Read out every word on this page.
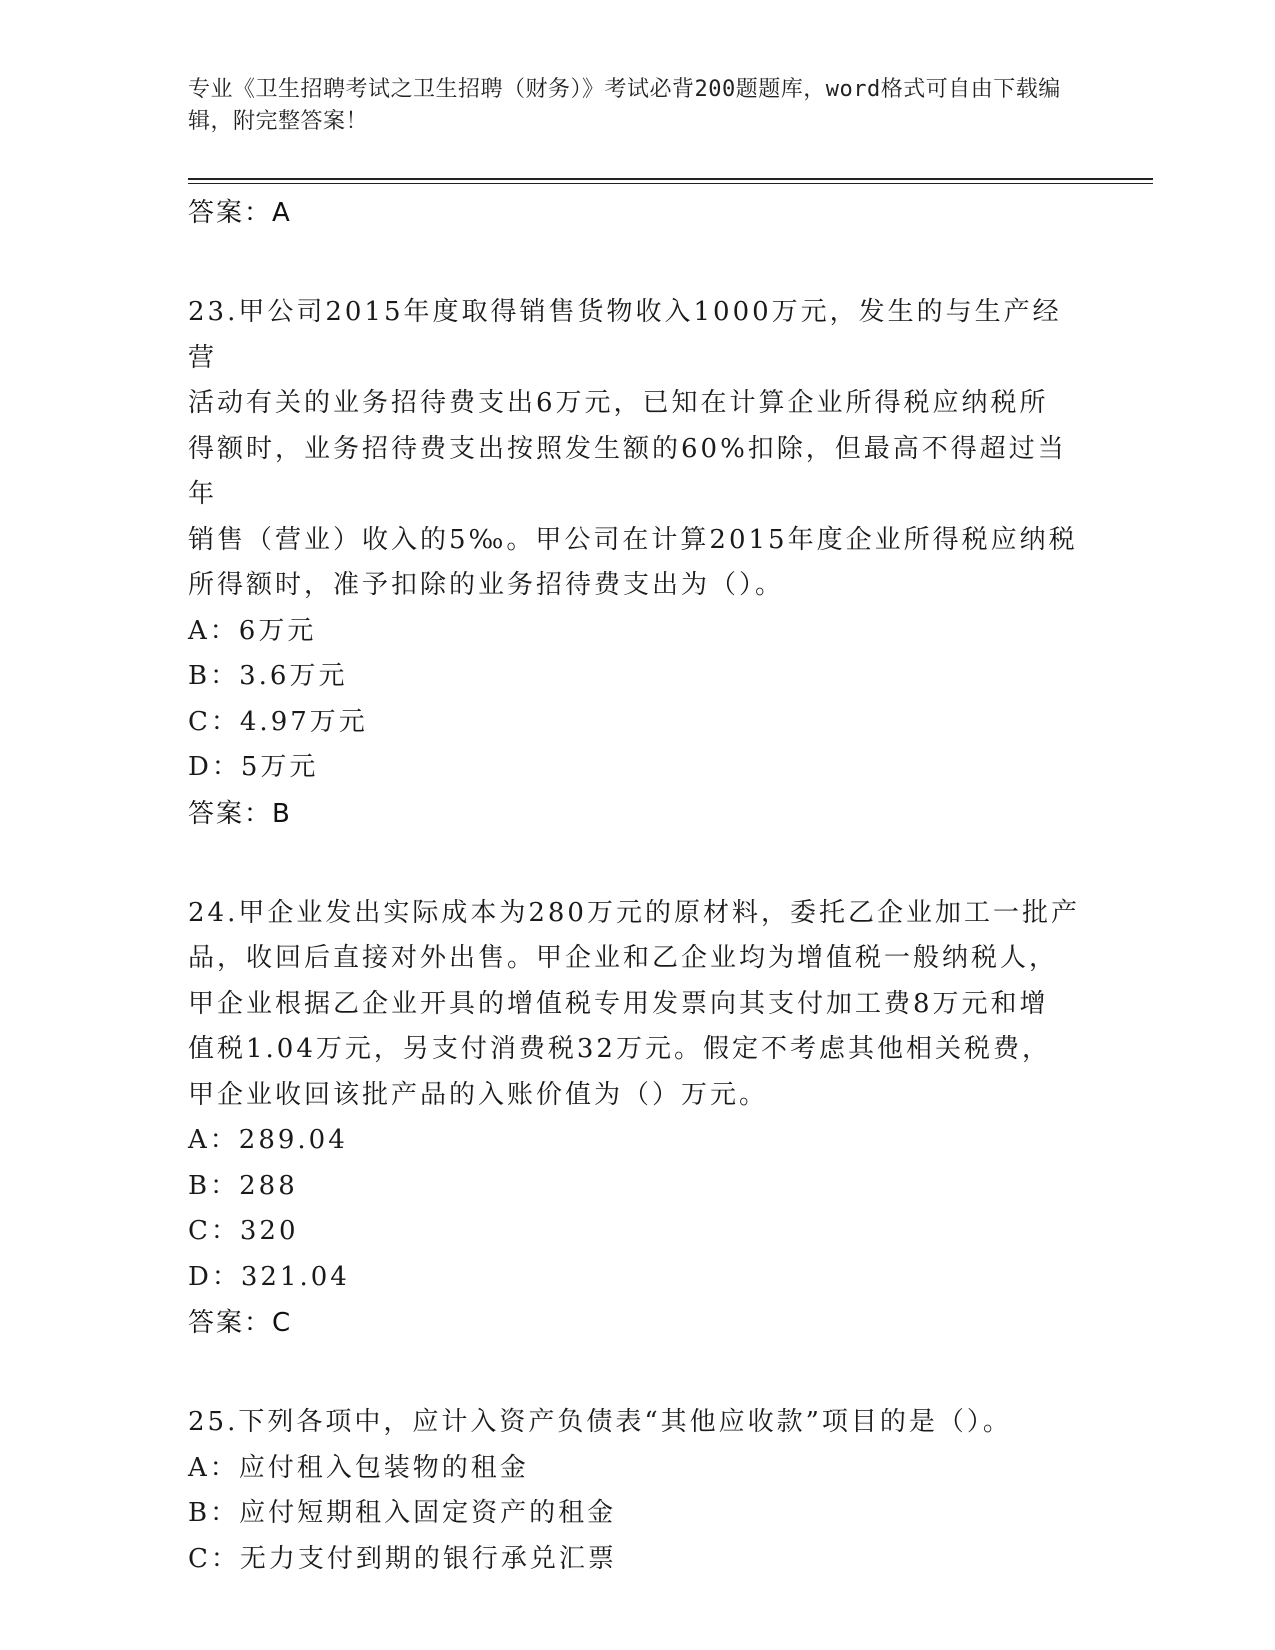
专业《卫生招聘考试之卫生招聘（财务）》考试必背200题题库，word格式可自由下载编辑，附完整答案！
答案：A
23.甲公司2015年度取得销售货物收入1000万元，发生的与生产经营
活动有关的业务招待费支出6万元，已知在计算企业所得税应纳税所
得额时，业务招待费支出按照发生额的60%扣除，但最高不得超过当年
销售（营业）收入的5‰。甲公司在计算2015年度企业所得税应纳税
所得额时，准予扣除的业务招待费支出为（）。
A：6万元
B：3.6万元
C：4.97万元
D：5万元
答案：B
24.甲企业发出实际成本为280万元的原材料，委托乙企业加工一批产
品，收回后直接对外出售。甲企业和乙企业均为增值税一般纳税人，
甲企业根据乙企业开具的增值税专用发票向其支付加工费8万元和增
值税1.04万元，另支付消费税32万元。假定不考虑其他相关税费，
甲企业收回该批产品的入账价值为（）万元。
A：289.04
B：288
C：320
D：321.04
答案：C
25.下列各项中，应计入资产负债表“其他应收款”项目的是（）。
A：应付租入包装物的租金
B：应付短期租入固定资产的租金
C：无力支付到期的银行承兑汇票
